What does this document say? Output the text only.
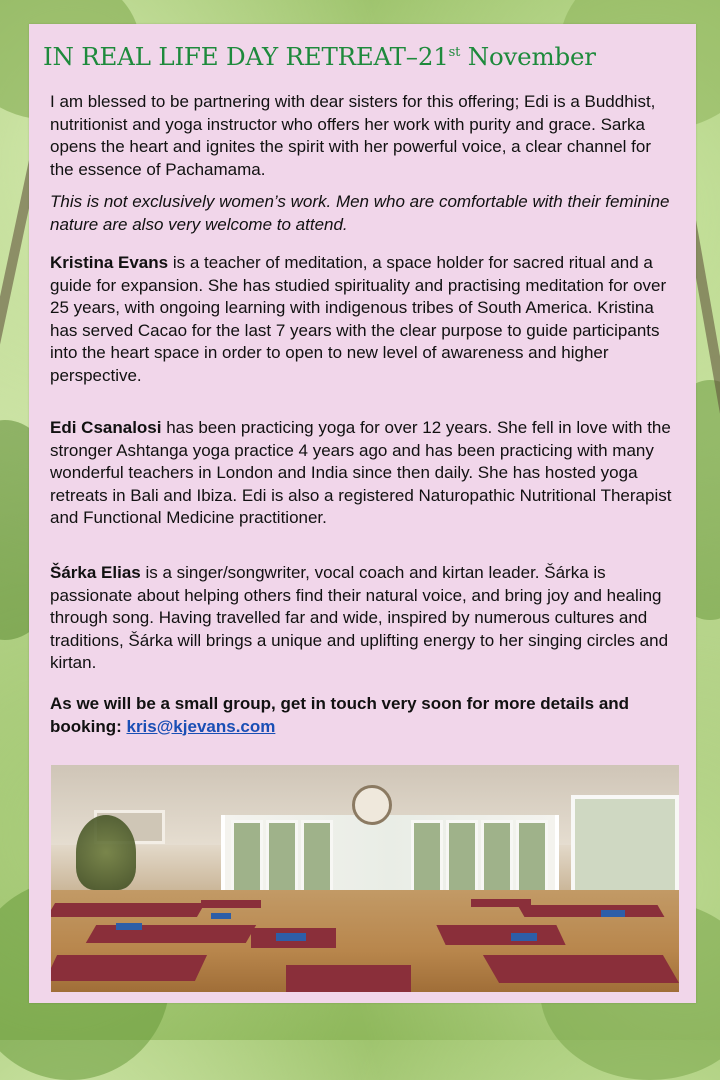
IN REAL LIFE DAY RETREAT–21st November

I am blessed to be partnering with dear sisters for this offering; Edi is a Buddhist, nutritionist and yoga instructor who offers her work with purity and grace. Sarka opens the heart and ignites the spirit with her powerful voice, a clear channel for the essence of Pachamama.

This is not exclusively women’s work. Men who are comfortable with their feminine nature are also very welcome to attend.

Kristina Evans is a teacher of meditation, a space holder for sacred ritual and a guide for expansion. She has studied spirituality and practising meditation for over 25 years, with ongoing learning with indigenous tribes of South America. Kristina has served Cacao for the last 7 years with the clear purpose to guide participants into the heart space in order to open to new level of awareness and higher perspective.

Edi Csanalosi has been practicing yoga for over 12 years. She fell in love with the stronger Ashtanga yoga practice 4 years ago and has been practicing with many wonderful teachers in London and India since then daily. She has hosted yoga retreats in Bali and Ibiza. Edi is also a registered Naturopathic Nutritional Therapist and Functional Medicine practitioner.

Šárka Elias is a singer/songwriter, vocal coach and kirtan leader. Šárka is passionate about helping others find their natural voice, and bring joy and healing through song. Having travelled far and wide, inspired by numerous cultures and traditions, Šárka will brings a unique and uplifting energy to her singing circles and kirtan.

As we will be a small group, get in touch very soon for more details and booking: kris@kjevans.com
